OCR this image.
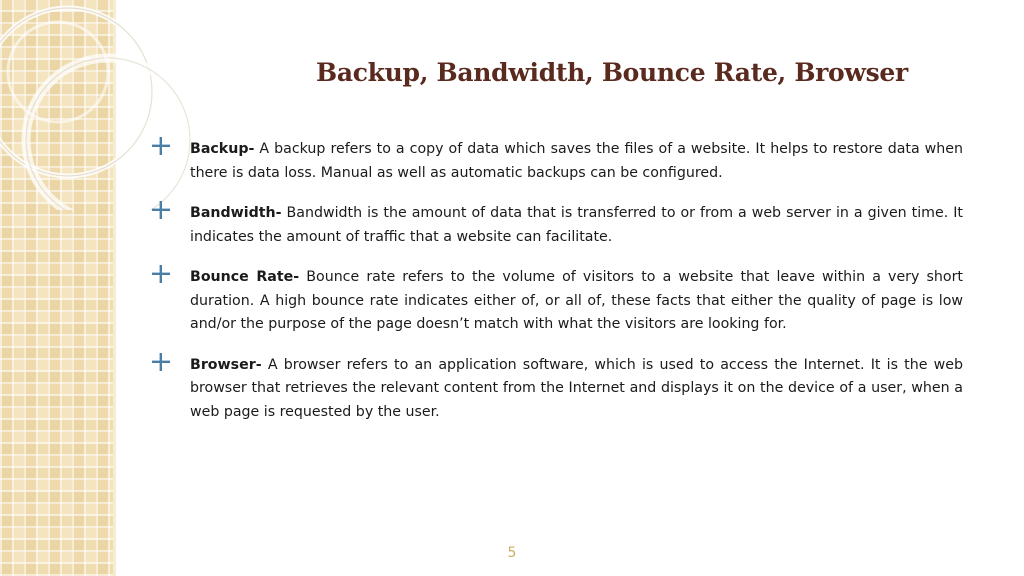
Backup, Bandwidth, Bounce Rate, Browser
Backup- A backup refers to a copy of data which saves the files of a website. It helps to restore data when there is data loss. Manual as well as automatic backups can be configured.
Bandwidth- Bandwidth is the amount of data that is transferred to or from a web server in a given time. It indicates the amount of traffic that a website can facilitate.
Bounce Rate- Bounce rate refers to the volume of visitors to a website that leave within a very short duration. A high bounce rate indicates either of, or all of, these facts that either the quality of page is low and/or the purpose of the page doesn’t match with what the visitors are looking for.
Browser- A browser refers to an application software, which is used to access the Internet. It is the web browser that retrieves the relevant content from the Internet and displays it on the device of a user, when a web page is requested by the user.
5
